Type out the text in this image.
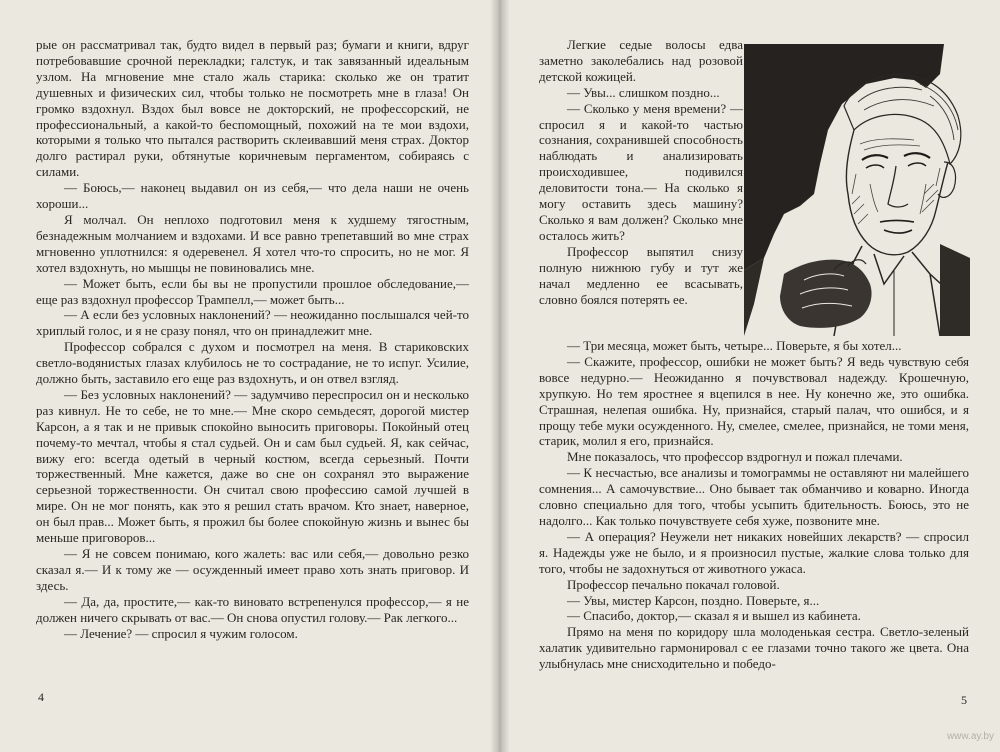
рые он рассматривал так, будто видел в первый раз; бумаги и книги, вдруг потребовавшие срочной перекладки; галстук, и так завязанный идеальным узлом. На мгновение мне стало жаль старика: сколько же он тратит душевных и физических сил, чтобы только не посмотреть мне в глаза! Он громко вздохнул. Вздох был вовсе не докторский, не профессорский, не профессиональный, а какой-то беспомощный, похожий на те мои вздохи, которыми я только что пытался растворить склеивавший меня страх. Доктор долго растирал руки, обтянутые коричневым пергаментом, собираясь с силами.

— Боюсь,— наконец выдавил он из себя,— что дела наши не очень хороши...

Я молчал. Он неплохо подготовил меня к худшему тягостным, безнадежным молчанием и вздохами. И все равно трепетавший во мне страх мгновенно уплотнился: я одеревенел. Я хотел что-то спросить, но не мог. Я хотел вздохнуть, но мышцы не повиновались мне.

— Может быть, если бы вы не пропустили прошлое обследование,— еще раз вздохнул профессор Трампелл,— может быть...

— А если без условных наклонений? — неожиданно послышался чей-то хриплый голос, и я не сразу понял, что он принадлежит мне.

Профессор собрался с духом и посмотрел на меня. В стариковских светло-водянистых глазах клубилось не то сострадание, не то испуг. Усилие, должно быть, заставило его еще раз вздохнуть, и он отвел взгляд.

— Без условных наклонений? — задумчиво переспросил он и несколько раз кивнул. Не то себе, не то мне.— Мне скоро семьдесят, дорогой мистер Карсон, а я так и не привык спокойно выносить приговоры. Покойный отец почему-то мечтал, чтобы я стал судьей. Он и сам был судьей. Я, как сейчас, вижу его: всегда одетый в черный костюм, всегда серьезный. Почти торжественный. Мне кажется, даже во сне он сохранял это выражение серьезной торжественности. Он считал свою профессию самой лучшей в мире. Он не мог понять, как это я решил стать врачом. Кто знает, наверное, он был прав... Может быть, я прожил бы более спокойную жизнь и вынес бы меньше приговоров...

— Я не совсем понимаю, кого жалеть: вас или себя,— довольно резко сказал я.— И к тому же — осужденный имеет право хоть знать приговор. И здесь.

— Да, да, простите,— как-то виновато встрепенулся профессор,— я не должен ничего скрывать от вас.— Он снова опустил голову.— Рак легкого...

— Лечение? — спросил я чужим голосом.

4

Легкие седые волосы едва заметно заколебались над розовой детской кожицей.

— Увы... слишком поздно...

— Сколько у меня времени? — спросил я и какой-то частью сознания, сохранившей способность наблюдать и анализировать происходившее, подивился деловитости тона.— На сколько я могу оставить здесь машину? Сколько я вам должен? Сколько мне осталось жить?

Профессор выпятил снизу полную нижнюю губу и тут же начал медленно ее всасывать, словно боялся потерять ее.

— Три месяца, может быть, четыре... Поверьте, я бы хотел...

— Скажите, профессор, ошибки не может быть? Я ведь чувствую себя вовсе недурно.— Неожиданно я почувствовал надежду. Крошечную, хрупкую. Но тем яростнее я вцепился в нее. Ну конечно же, это ошибка. Страшная, нелепая ошибка. Ну, признайся, старый палач, что ошибся, и я прощу тебе муки осужденного. Ну, смелее, смелее, признайся, не томи меня, старик, молил я его, признайся.

Мне показалось, что профессор вздрогнул и пожал плечами.

— К несчастью, все анализы и томограммы не оставляют ни малейшего сомнения... А самочувствие... Оно бывает так обманчиво и коварно. Иногда словно специально для того, чтобы усыпить бдительность. Боюсь, это не надолго... Как только почувствуете себя хуже, позвоните мне.

— А операция? Неужели нет никаких новейших лекарств? — спросил я. Надежды уже не было, и я произносил пустые, жалкие слова только для того, чтобы не задохнуться от животного ужаса.

Профессор печально покачал головой.

— Увы, мистер Карсон, поздно. Поверьте, я...

— Спасибо, доктор,— сказал я и вышел из кабинета.

Прямо на меня по коридору шла молоденькая сестра. Светло-зеленый халатик удивительно гармонировал с ее глазами точно такого же цвета. Она улыбнулась мне снисходительно и победо-

5
www.ay.by
